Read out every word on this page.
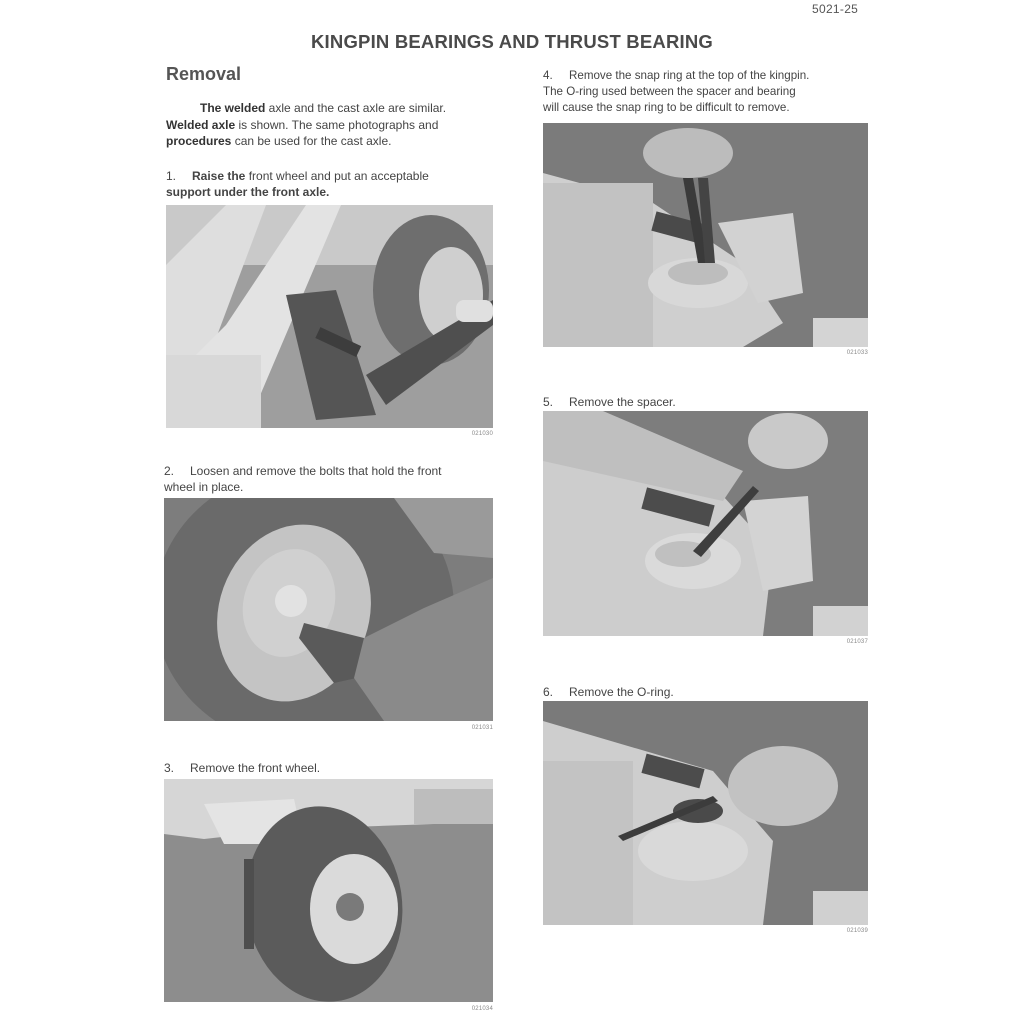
5021-25
KINGPIN BEARINGS AND THRUST BEARING
Removal
The welded axle and the cast axle are similar.
Welded axle is shown. The same photographs and
procedures can be used for the cast axle.
1. Raise the front wheel and put an acceptable
support under the front axle.
021030
2. Loosen and remove the bolts that hold the front
wheel in place.
021031
3. Remove the front wheel.
021034
4. Remove the snap ring at the top of the kingpin.
The O-ring used between the spacer and bearing
will cause the snap ring to be difficult to remove.
021033
5. Remove the spacer.
021037
6. Remove the O-ring.
021039
